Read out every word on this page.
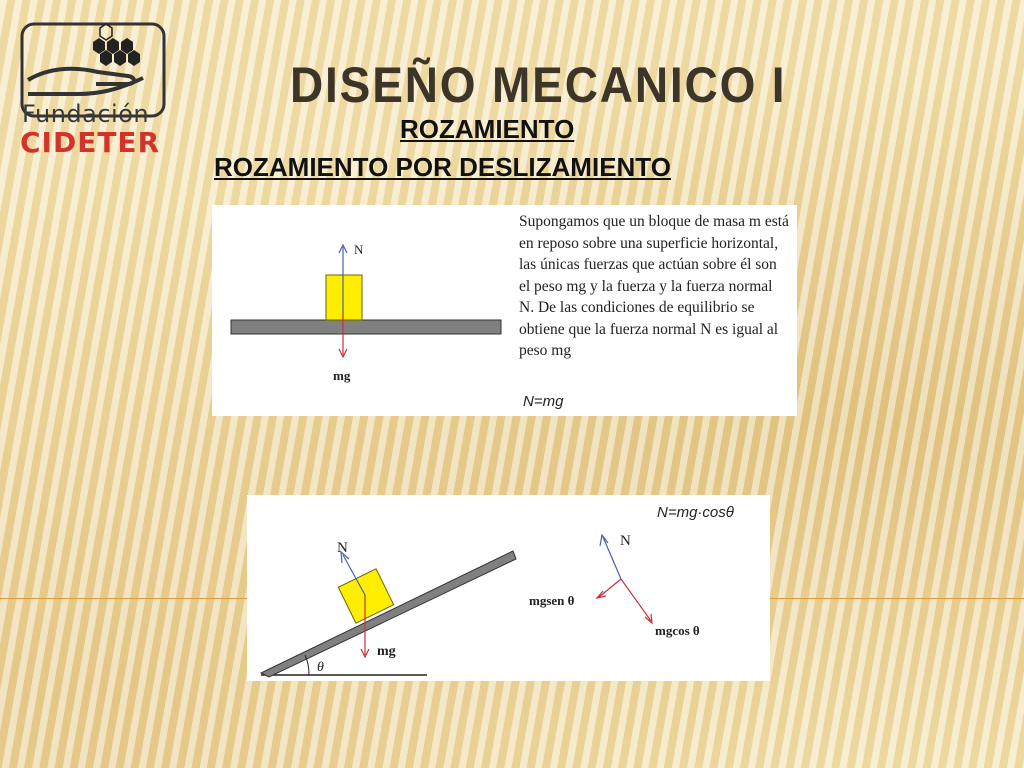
Fundación
CIDETER
DISEÑO MECANICO I
ROZAMIENTO
ROZAMIENTO POR DESLIZAMIENTO
N
mg
Supongamos que un bloque de masa m está en reposo sobre una superficie horizontal, las únicas fuerzas que actúan sobre él son el peso mg y la fuerza y la fuerza normal N. De las condiciones de equilibrio se obtiene que la fuerza normal N es igual al peso mg
N=mg
θ
N
mg
N=mg·cosθ
N
mgsen θ
mgcos θ
